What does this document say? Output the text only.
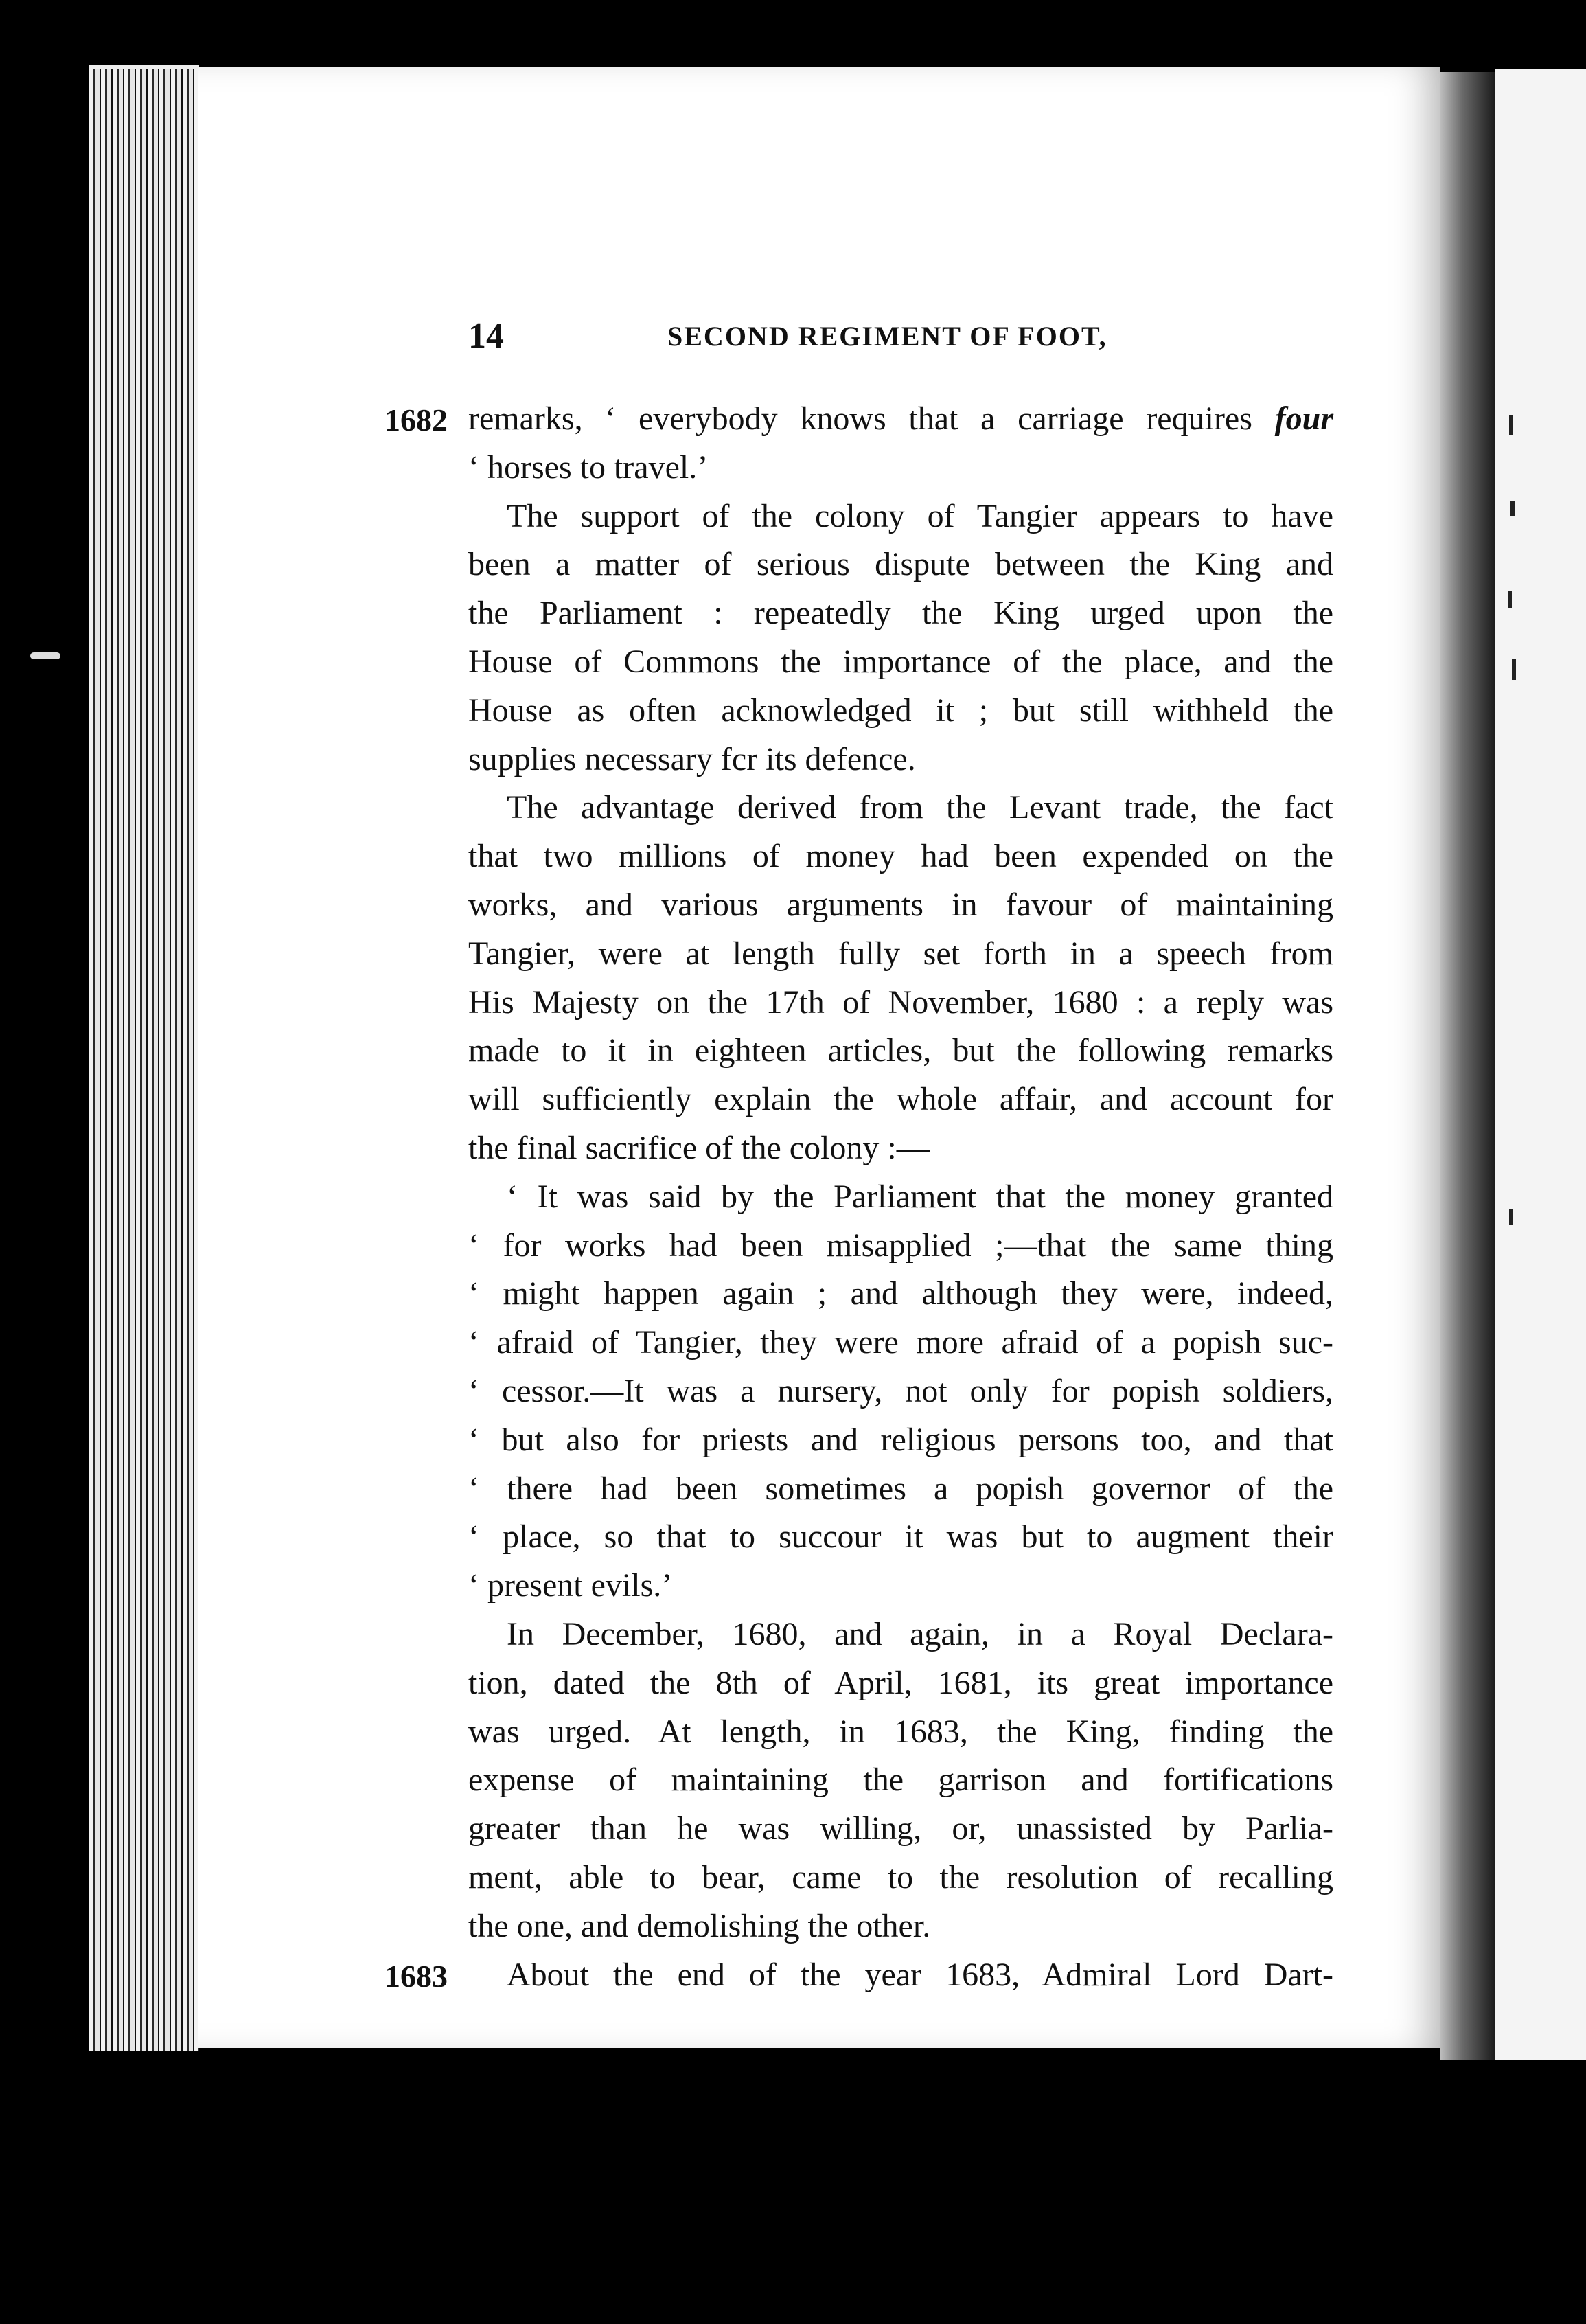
14	SECOND REGIMENT OF FOOT,
1682
1683
remarks, ‘ everybody knows that a carriage requires four
‘ horses to travel.’
The support of the colony of Tangier appears to have
been a matter of serious dispute between the King and
the Parliament : repeatedly the King urged upon the
House of Commons the importance of the place, and the
House as often acknowledged it ; but still withheld the
supplies necessary fcr its defence.
The advantage derived from the Levant trade, the fact
that two millions of money had been expended on the
works, and various arguments in favour of maintaining
Tangier, were at length fully set forth in a speech from
His Majesty on the 17th of November, 1680 : a reply was
made to it in eighteen articles, but the following remarks
will sufficiently explain the whole affair, and account for
the final sacrifice of the colony :—
‘ It was said by the Parliament that the money granted
‘ for works had been misapplied ;—that the same thing
‘ might happen again ; and although they were, indeed,
‘ afraid of Tangier, they were more afraid of a popish suc-
‘ cessor.—It was a nursery, not only for popish soldiers,
‘ but also for priests and religious persons too, and that
‘ there had been sometimes a popish governor of the
‘ place, so that to succour it was but to augment their
‘ present evils.’
In December, 1680, and again, in a Royal Declara-
tion, dated the 8th of April, 1681, its great importance
was urged. At length, in 1683, the King, finding the
expense of maintaining the garrison and fortifications
greater than he was willing, or, unassisted by Parlia-
ment, able to bear, came to the resolution of recalling
the one, and demolishing the other.
About the end of the year 1683, Admiral Lord Dart-
